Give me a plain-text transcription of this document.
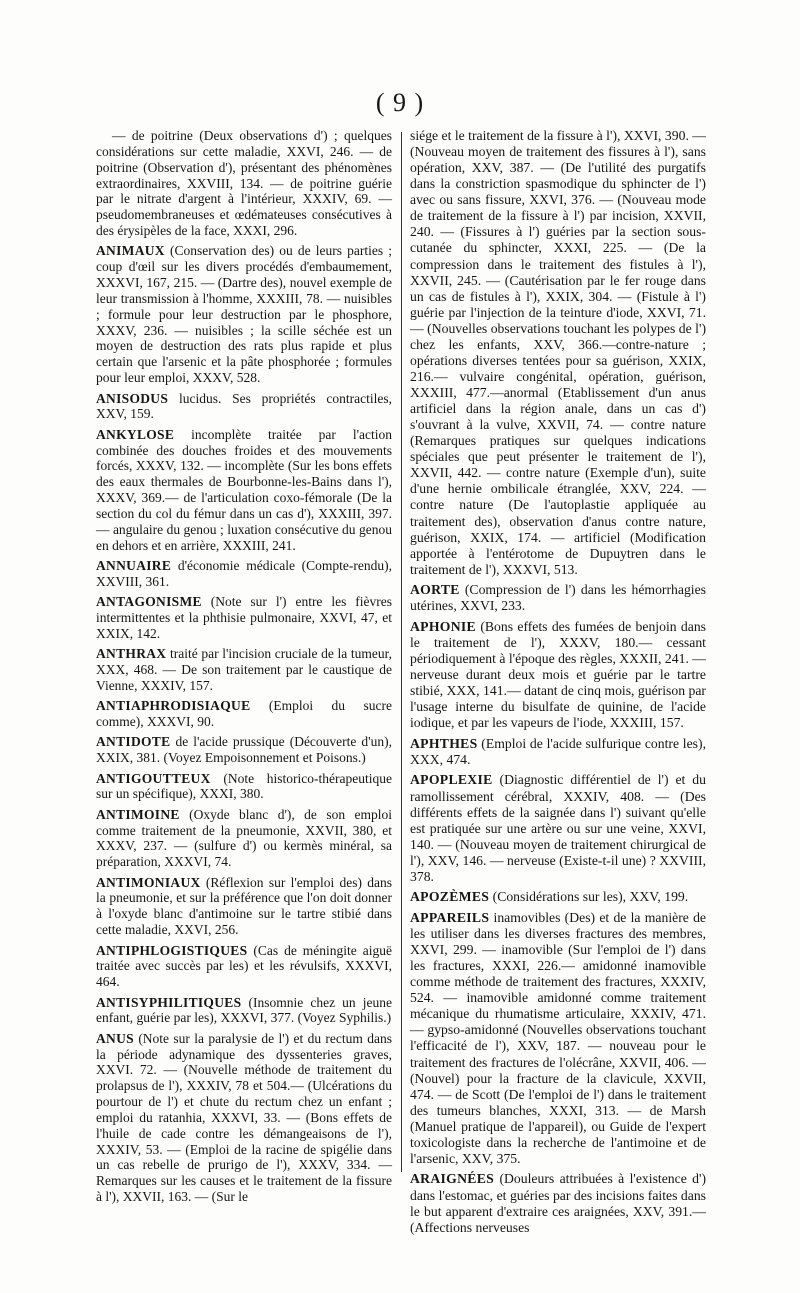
( 9 )

— de poitrine (Deux observations d') ; quelques considérations sur cette maladie, XXVI, 246. — de poitrine (Observation d'), présentant des phénomènes extraordinaires, XXVIII, 134. — de poitrine guérie par le nitrate d'argent à l'intérieur, XXXIV, 69. — pseudomembraneuses et œdémateuses consécutives à des érysipèles de la face, XXXI, 296.

ANIMAUX (Conservation des) ou de leurs parties ; coup d'œil sur les divers procédés d'embaumement, XXXVI, 167, 215. — (Dartre des), nouvel exemple de leur transmission à l'homme, XXXIII, 78. — nuisibles ; formule pour leur destruction par le phosphore, XXXV, 236. — nuisibles ; la scille séchée est un moyen de destruction des rats plus rapide et plus certain que l'arsenic et la pâte phosphorée ; formules pour leur emploi, XXXV, 528.

ANISODUS lucidus. Ses propriétés contractiles, XXV, 159.

ANKYLOSE incomplète traitée par l'action combinée des douches froides et des mouvements forcés, XXXV, 132. — incomplète (Sur les bons effets des eaux thermales de Bourbonne-les-Bains dans l'), XXXV, 369.— de l'articulation coxo-fémorale (De la section du col du fémur dans un cas d'), XXXIII, 397. — angulaire du genou ; luxation consécutive du genou en dehors et en arrière, XXXIII, 241.

ANNUAIRE d'économie médicale (Compte-rendu), XXVIII, 361.

ANTAGONISME (Note sur l') entre les fièvres intermittentes et la phthisie pulmonaire, XXVI, 47, et XXIX, 142.

ANTHRAX traité par l'incision cruciale de la tumeur, XXX, 468. — De son traitement par le caustique de Vienne, XXXIV, 157.

ANTIAPHRODISIAQUE (Emploi du sucre comme), XXXVI, 90.

ANTIDOTE de l'acide prussique (Découverte d'un), XXIX, 381. (Voyez Empoisonnement et Poisons.)

ANTIGOUTTEUX (Note historico-thérapeutique sur un spécifique), XXXI, 380.

ANTIMOINE (Oxyde blanc d'), de son emploi comme traitement de la pneumonie, XXVII, 380, et XXXV, 237. — (sulfure d') ou kermès minéral, sa préparation, XXXVI, 74.

ANTIMONIAUX (Réflexion sur l'emploi des) dans la pneumonie, et sur la préférence que l'on doit donner à l'oxyde blanc d'antimoine sur le tartre stibié dans cette maladie, XXVI, 256.

ANTIPHLOGISTIQUES (Cas de méningite aiguë traitée avec succès par les) et les révulsifs, XXXVI, 464.

ANTISYPHILITIQUES (Insomnie chez un jeune enfant, guérie par les), XXXVI, 377. (Voyez Syphilis.)

ANUS (Note sur la paralysie de l') et du rectum dans la période adynamique des dyssenteries graves, XXVI. 72. — (Nouvelle méthode de traitement du prolapsus de l'), XXXIV, 78 et 504.— (Ulcérations du pourtour de l') et chute du rectum chez un enfant ; emploi du ratanhia, XXXVI, 33. — (Bons effets de l'huile de cade contre les démangeaisons de l'), XXXIV, 53. — (Emploi de la racine de spigélie dans un cas rebelle de prurigo de l'), XXXV, 334. — Remarques sur les causes et le traitement de la fissure à l'), XXVII, 163. — (Sur le

siége et le traitement de la fissure à l'), XXVI, 390. — (Nouveau moyen de traitement des fissures à l'), sans opération, XXV, 387. — (De l'utilité des purgatifs dans la constriction spasmodique du sphincter de l') avec ou sans fissure, XXVI, 376. — (Nouveau mode de traitement de la fissure à l') par incision, XXVII, 240. — (Fissures à l') guéries par la section sous-cutanée du sphincter, XXXI, 225. — (De la compression dans le traitement des fistules à l'), XXVII, 245. — (Cautérisation par le fer rouge dans un cas de fistules à l'), XXIX, 304. — (Fistule à l') guérie par l'injection de la teinture d'iode, XXVI, 71. — (Nouvelles observations touchant les polypes de l') chez les enfants, XXV, 366.—contre-nature ; opérations diverses tentées pour sa guérison, XXIX, 216.— vulvaire congénital, opération, guérison, XXXIII, 477.—anormal (Etablissement d'un anus artificiel dans la région anale, dans un cas d') s'ouvrant à la vulve, XXVII, 74. — contre nature (Remarques pratiques sur quelques indications spéciales que peut présenter le traitement de l'), XXVII, 442. — contre nature (Exemple d'un), suite d'une hernie ombilicale étranglée, XXV, 224. — contre nature (De l'autoplastie appliquée au traitement des), observation d'anus contre nature, guérison, XXIX, 174. — artificiel (Modification apportée à l'entérotome de Dupuytren dans le traitement de l'), XXXVI, 513.

AORTE (Compression de l') dans les hémorrhagies utérines, XXVI, 233.

APHONIE (Bons effets des fumées de benjoin dans le traitement de l'), XXXV, 180.— cessant périodiquement à l'époque des règles, XXXII, 241. — nerveuse durant deux mois et guérie par le tartre stibié, XXX, 141.— datant de cinq mois, guérison par l'usage interne du bisulfate de quinine, de l'acide iodique, et par les vapeurs de l'iode, XXXIII, 157.

APHTHES (Emploi de l'acide sulfurique contre les), XXX, 474.

APOPLEXIE (Diagnostic différentiel de l') et du ramollissement cérébral, XXXIV, 408. — (Des différents effets de la saignée dans l') suivant qu'elle est pratiquée sur une artère ou sur une veine, XXVI, 140. — (Nouveau moyen de traitement chirurgical de l'), XXV, 146. — nerveuse (Existe-t-il une) ? XXVIII, 378.

APOZÈMES (Considérations sur les), XXV, 199.

APPAREILS inamovibles (Des) et de la manière de les utiliser dans les diverses fractures des membres, XXVI, 299. — inamovible (Sur l'emploi de l') dans les fractures, XXXI, 226.— amidonné inamovible comme méthode de traitement des fractures, XXXIV, 524. — inamovible amidonné comme traitement mécanique du rhumatisme articulaire, XXXIV, 471. — gypso-amidonné (Nouvelles observations touchant l'efficacité de l'), XXV, 187. — nouveau pour le traitement des fractures de l'olécrâne, XXVII, 406. — (Nouvel) pour la fracture de la clavicule, XXVII, 474. — de Scott (De l'emploi de l') dans le traitement des tumeurs blanches, XXXI, 313. — de Marsh (Manuel pratique de l'appareil), ou Guide de l'expert toxicologiste dans la recherche de l'antimoine et de l'arsenic, XXV, 375.

ARAIGNÉES (Douleurs attribuées à l'existence d') dans l'estomac, et guéries par des incisions faites dans le but apparent d'extraire ces araignées, XXV, 391.— (Affections nerveuses
